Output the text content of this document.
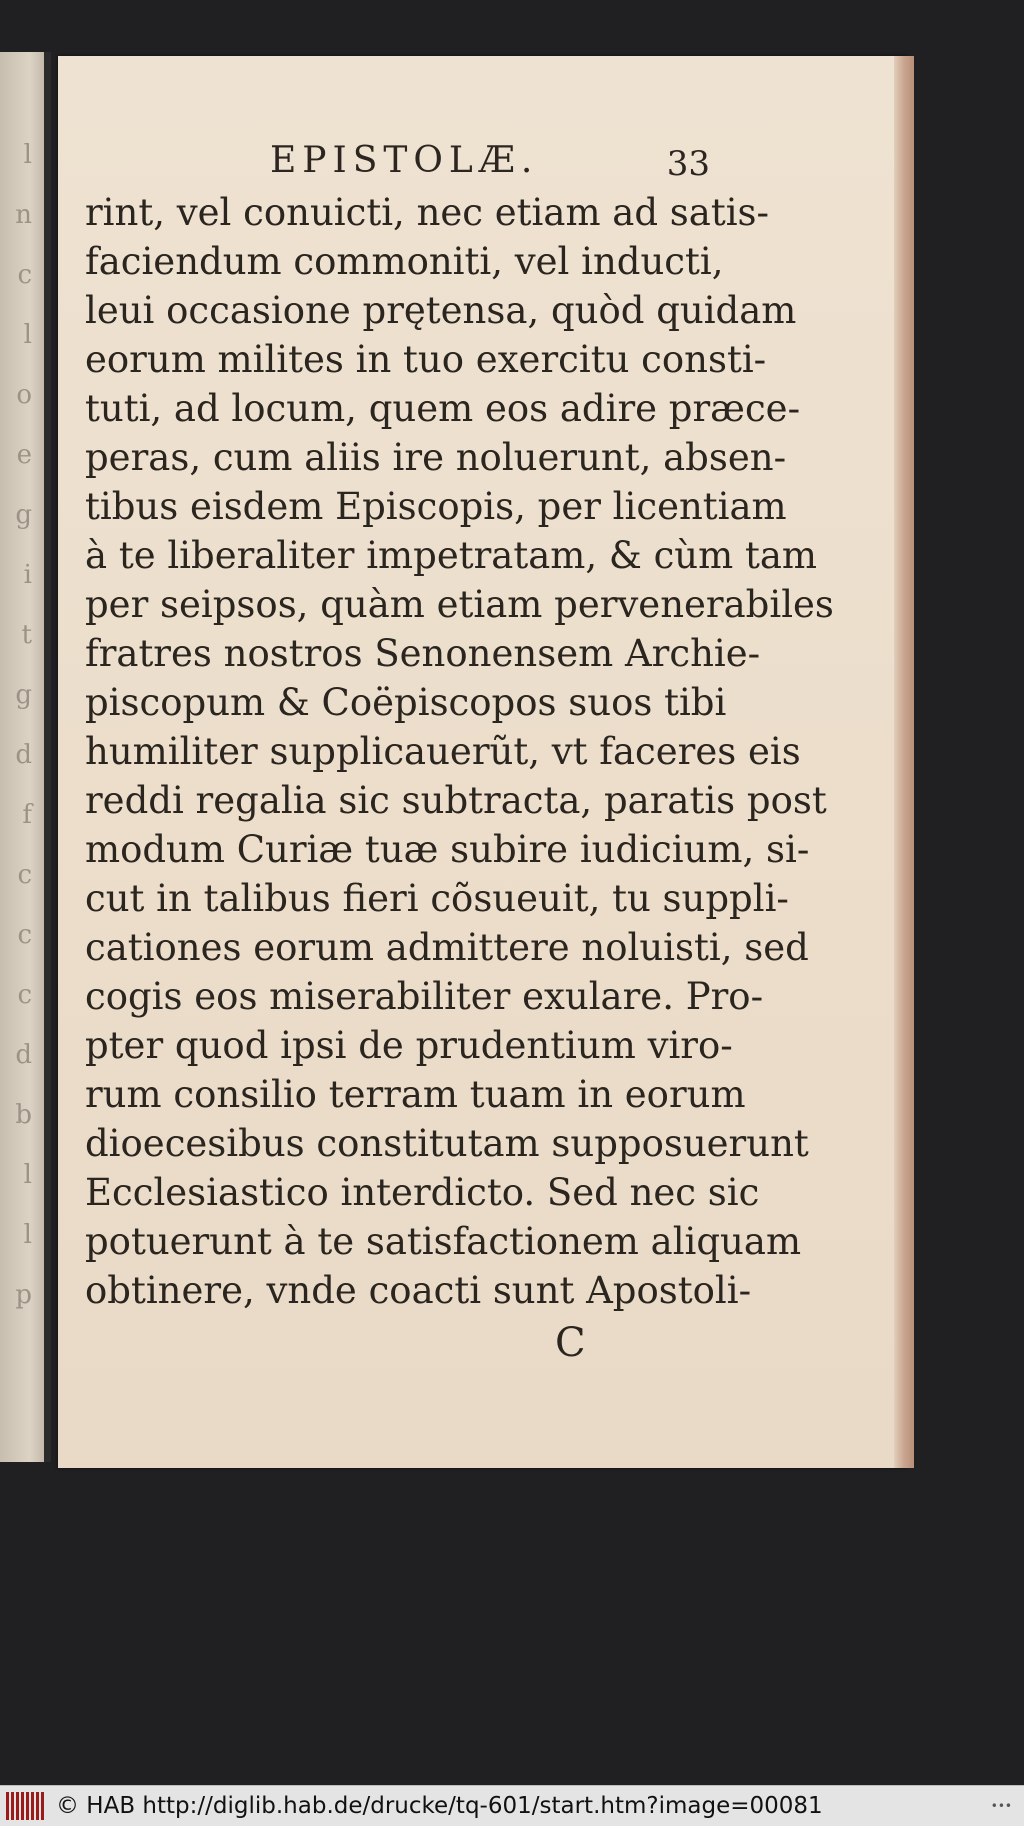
l
n
c
l
o
e
g
i
t
g
d
f
c
c
c
d
b
l
l
p
EPISTOLÆ.	33
rint, vel conuicti, nec etiam ad satis-
faciendum commoniti, vel inducti,
leui occasione prętensa, quòd quidam
eorum milites in tuo exercitu consti-
tuti, ad locum, quem eos adire præce-
peras, cum aliis ire noluerunt, absen-
tibus eisdem Episcopis, per licentiam
à te liberaliter impetratam, & cùm tam
per seipsos, quàm etiam pervenerabiles
fratres nostros Senonensem Archie-
piscopum & Coëpiscopos suos tibi
humiliter supplicauerũt, vt faceres eis
reddi regalia sic subtracta, paratis post
modum Curiæ tuæ subire iudicium, si-
cut in talibus fieri cõsueuit, tu suppli-
cationes eorum admittere noluisti, sed
cogis eos miserabiliter exulare. Pro-
pter quod ipsi de prudentium viro-
rum consilio terram tuam in eorum
dioecesibus constitutam supposuerunt
Ecclesiastico interdicto. Sed nec sic
potuerunt à te satisfactionem aliquam
obtinere, vnde coacti sunt Apostoli-
C
© HAB http://diglib.hab.de/drucke/tq-601/start.htm?image=00081	•••
